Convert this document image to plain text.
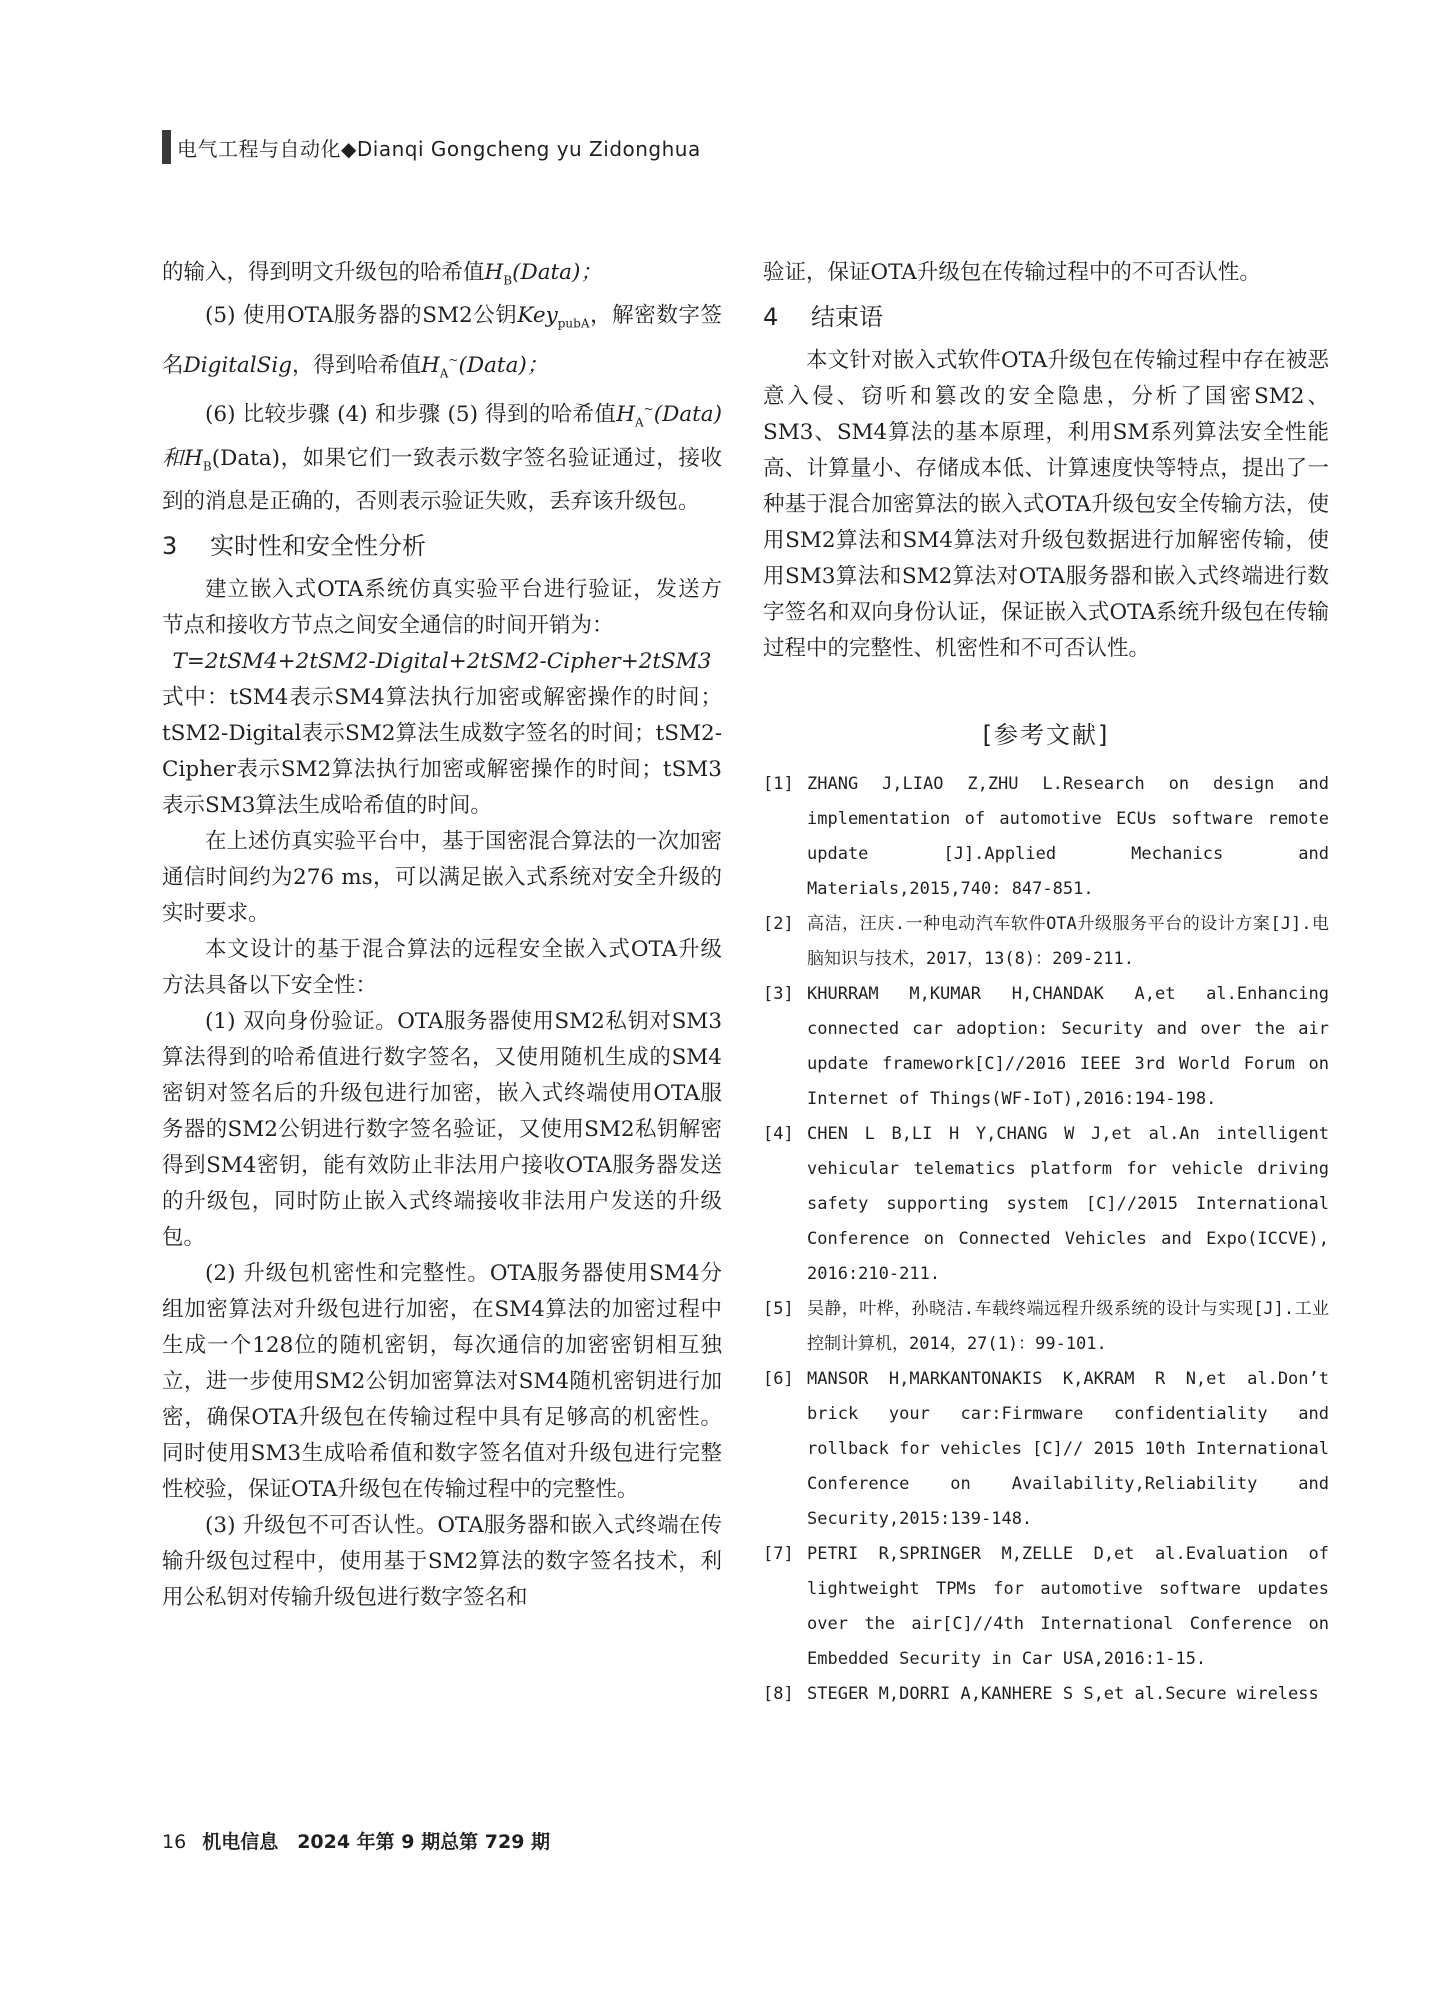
电气工程与自动化◆Dianqi Gongcheng yu Zidonghua

的输入，得到明文升级包的哈希值$H_B(Data)$；

(5) 使用OTA服务器的SM2公钥Key$_{pubA}$，解密数字签名DigitalSig，得到哈希值$H_A^\sim(Data)$；

(6) 比较步骤 (4) 和步骤 (5) 得到的哈希值$H_A^\sim(Data)$ 和$H_B(Data)$，如果它们一致表示数字签名验证通过，接收到的消息是正确的，否则表示验证失败，丢弃该升级包。

3 实时性和安全性分析

建立嵌入式OTA系统仿真实验平台进行验证，发送方节点和接收方节点之间安全通信的时间开销为：

T=2tSM4+2tSM2-Digital+2tSM2-Cipher+2tSM3

式中：tSM4表示SM4算法执行加密或解密操作的时间；tSM2-Digital表示SM2算法生成数字签名的时间；tSM2-Cipher表示SM2算法执行加密或解密操作的时间；tSM3表示SM3算法生成哈希值的时间。

在上述仿真实验平台中，基于国密混合算法的一次加密通信时间约为276 ms，可以满足嵌入式系统对安全升级的实时要求。

本文设计的基于混合算法的远程安全嵌入式OTA升级方法具备以下安全性：

(1) 双向身份验证。OTA服务器使用SM2私钥对SM3算法得到的哈希值进行数字签名，又使用随机生成的SM4密钥对签名后的升级包进行加密，嵌入式终端使用OTA服务器的SM2公钥进行数字签名验证，又使用SM2私钥解密得到SM4密钥，能有效防止非法用户接收OTA服务器发送的升级包，同时防止嵌入式终端接收非法用户发送的升级包。

(2) 升级包机密性和完整性。OTA服务器使用SM4分组加密算法对升级包进行加密，在SM4算法的加密过程中生成一个128位的随机密钥，每次通信的加密密钥相互独立，进一步使用SM2公钥加密算法对SM4随机密钥进行加密，确保OTA升级包在传输过程中具有足够高的机密性。同时使用SM3生成哈希值和数字签名值对升级包进行完整性校验，保证OTA升级包在传输过程中的完整性。

(3) 升级包不可否认性。OTA服务器和嵌入式终端在传输升级包过程中，使用基于SM2算法的数字签名技术，利用公私钥对传输升级包进行数字签名和

验证，保证OTA升级包在传输过程中的不可否认性。

4 结束语

本文针对嵌入式软件OTA升级包在传输过程中存在被恶意入侵、窃听和篡改的安全隐患，分析了国密SM2、SM3、SM4算法的基本原理，利用SM系列算法安全性能高、计算量小、存储成本低、计算速度快等特点，提出了一种基于混合加密算法的嵌入式OTA升级包安全传输方法，使用SM2算法和SM4算法对升级包数据进行加解密传输，使用SM3算法和SM2算法对OTA服务器和嵌入式终端进行数字签名和双向身份认证，保证嵌入式OTA系统升级包在传输过程中的完整性、机密性和不可否认性。

[参考文献]
[1] ZHANG J,LIAO Z,ZHU L.Research on design and implementation of automotive ECUs software remote update [J].Applied Mechanics and Materials,2015,740: 847-851.
[2] 高洁，汪庆.一种电动汽车软件OTA升级服务平台的设计方案[J].电脑知识与技术，2017，13(8)：209-211.
[3] KHURRAM M,KUMAR H,CHANDAK A,et al.Enhancing connected car adoption: Security and over the air update framework[C]//2016 IEEE 3rd World Forum on Internet of Things(WF-IoT),2016:194-198.
[4] CHEN L B,LI H Y,CHANG W J,et al.An intelligent vehicular telematics platform for vehicle driving safety supporting system [C]//2015 International Conference on Connected Vehicles and Expo(ICCVE), 2016:210-211.
[5] 吴静，叶桦，孙晓洁.车载终端远程升级系统的设计与实现[J].工业控制计算机，2014，27(1)：99-101.
[6] MANSOR H,MARKANTONAKIS K,AKRAM R N,et al.Don’t brick your car:Firmware confidentiality and rollback for vehicles [C]// 2015 10th International Conference on Availability,Reliability and Security,2015:139-148.
[7] PETRI R,SPRINGER M,ZELLE D,et al.Evaluation of lightweight TPMs for automotive software updates over the air[C]//4th International Conference on Embedded Security in Car USA,2016:1-15.
[8] STEGER M,DORRI A,KANHERE S S,et al.Secure wireless
16 机电信息　2024 年第 9 期总第 729 期
